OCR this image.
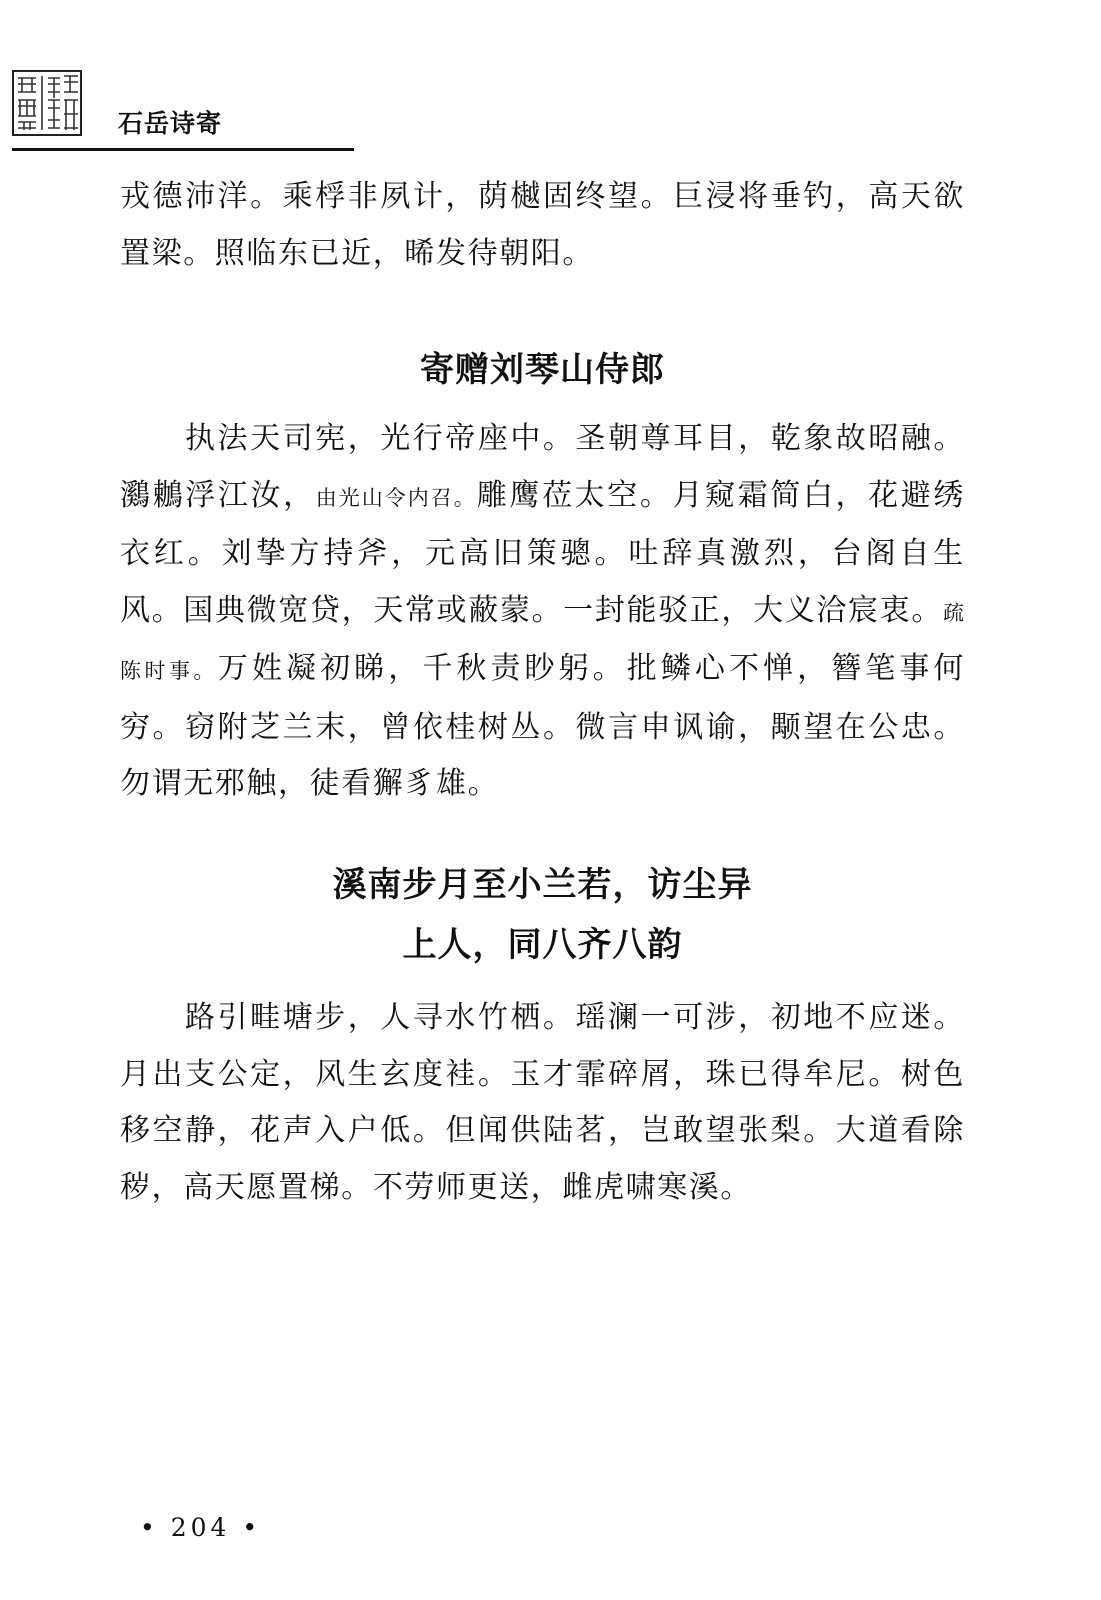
石岳诗寄

戎德沛洋。乘桴非夙计，荫樾固终望。巨浸将垂钓，高天欲置梁。照临东已近，晞发待朝阳。

寄赠刘琴山侍郎

执法天司宪，光行帝座中。圣朝尊耳目，乾象故昭融。鸂鶒浮江汝，由光山令内召。雕鹰莅太空。月窥霜简白，花避绣衣红。刘挚方持斧，元高旧策骢。吐辞真激烈，台阁自生风。国典微宽贷，天常或蔽蒙。一封能驳正，大义洽宸衷。疏陈时事。万姓凝初睇，千秋责眇躬。批鳞心不惮，簪笔事何穷。窃附芝兰末，曾依桂树丛。微言申讽谕，颙望在公忠。勿谓无邪触，徒看獬豸雄。

溪南步月至小兰若，访尘异
上人，同八齐八韵

路引畦塘步，人寻水竹栖。瑶澜一可涉，初地不应迷。月出支公定，风生玄度袿。玉才霏碎屑，珠已得牟尼。树色移空静，花声入户低。但闻供陆茗，岂敢望张梨。大道看除秽，高天愿置梯。不劳师更送，雌虎啸寒溪。

• 204 •
